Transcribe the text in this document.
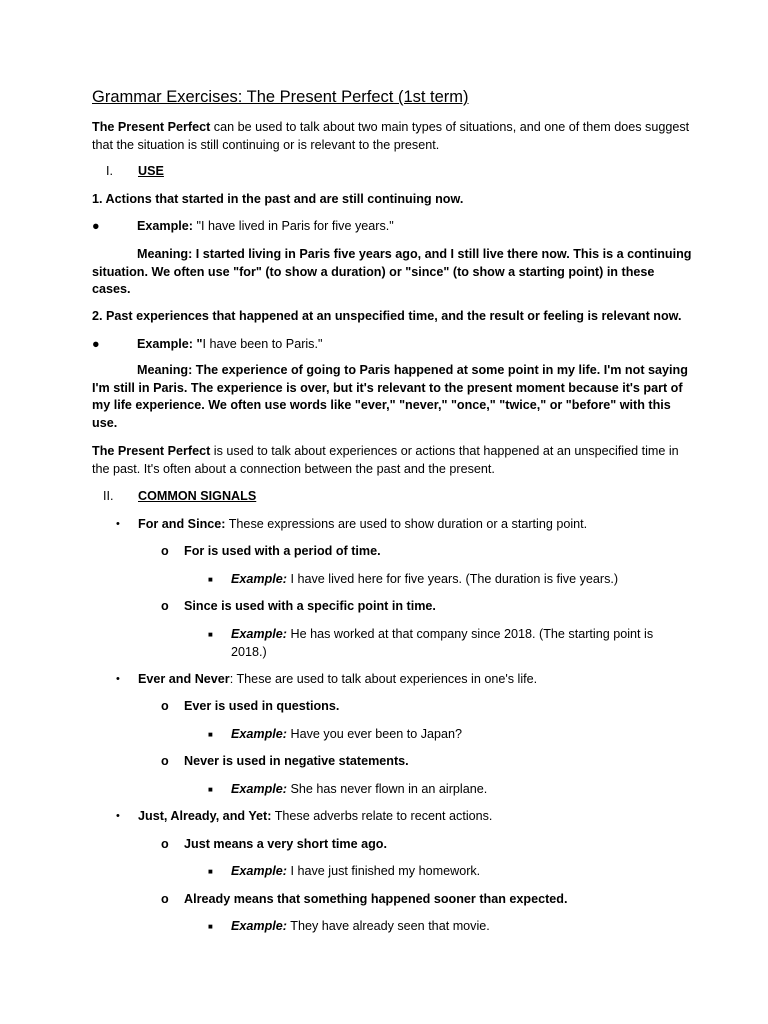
Grammar Exercises: The Present Perfect (1st term)

The Present Perfect can be used to talk about two main types of situations, and one of them does suggest that the situation is still continuing or is relevant to the present.

I. USE

1. Actions that started in the past and are still continuing now.

●	Example: "I have lived in Paris for five years."

Meaning: I started living in Paris five years ago, and I still live there now. This is a continuing situation. We often use "for" (to show a duration) or "since" (to show a starting point) in these cases.

2. Past experiences that happened at an unspecified time, and the result or feeling is relevant now.

●	Example: "I have been to Paris."

Meaning: The experience of going to Paris happened at some point in my life. I'm not saying I'm still in Paris. The experience is over, but it's relevant to the present moment because it's part of my life experience. We often use words like "ever," "never," "once," "twice," or "before" with this use.

The Present Perfect is used to talk about experiences or actions that happened at an unspecified time in the past. It's often about a connection between the past and the present.

II. COMMON SIGNALS
• For and Since: These expressions are used to show duration or a starting point.
o For is used with a period of time.
■ Example: I have lived here for five years. (The duration is five years.)
o Since is used with a specific point in time.
■ Example: He has worked at that company since 2018. (The starting point is 2018.)
• Ever and Never: These are used to talk about experiences in one's life.
o Ever is used in questions.
■ Example: Have you ever been to Japan?
o Never is used in negative statements.
■ Example: She has never flown in an airplane.
• Just, Already, and Yet: These adverbs relate to recent actions.
o Just means a very short time ago.
■ Example: I have just finished my homework.
o Already means that something happened sooner than expected.
■ Example: They have already seen that movie.
